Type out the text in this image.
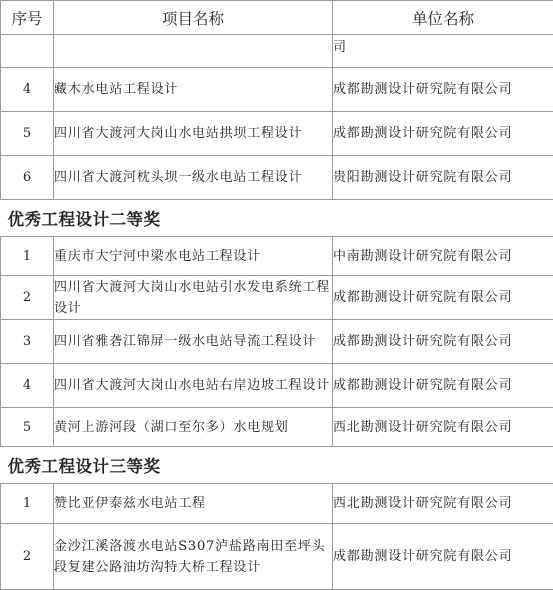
序号	项目名称	单位名称
		司
4	藏木水电站工程设计	成都勘测设计研究院有限公司
5	四川省大渡河大岗山水电站拱坝工程设计	成都勘测设计研究院有限公司
6	四川省大渡河枕头坝一级水电站工程设计	贵阳勘测设计研究院有限公司
优秀工程设计二等奖		
1	重庆市大宁河中梁水电站工程设计	中南勘测设计研究院有限公司
2	四川省大渡河大岗山水电站引水发电系统工程设计	成都勘测设计研究院有限公司
3	四川省雅砻江锦屏一级水电站导流工程设计	成都勘测设计研究院有限公司
4	四川省大渡河大岗山水电站右岸边坡工程设计	成都勘测设计研究院有限公司
5	黄河上游河段（湖口至尔多）水电规划	西北勘测设计研究院有限公司
优秀工程设计三等奖		
1	赞比亚伊泰兹水电站工程	西北勘测设计研究院有限公司
2	金沙江溪洛渡水电站S307泸盐路南田至坪头段复建公路油坊沟特大桥工程设计	成都勘测设计研究院有限公司
